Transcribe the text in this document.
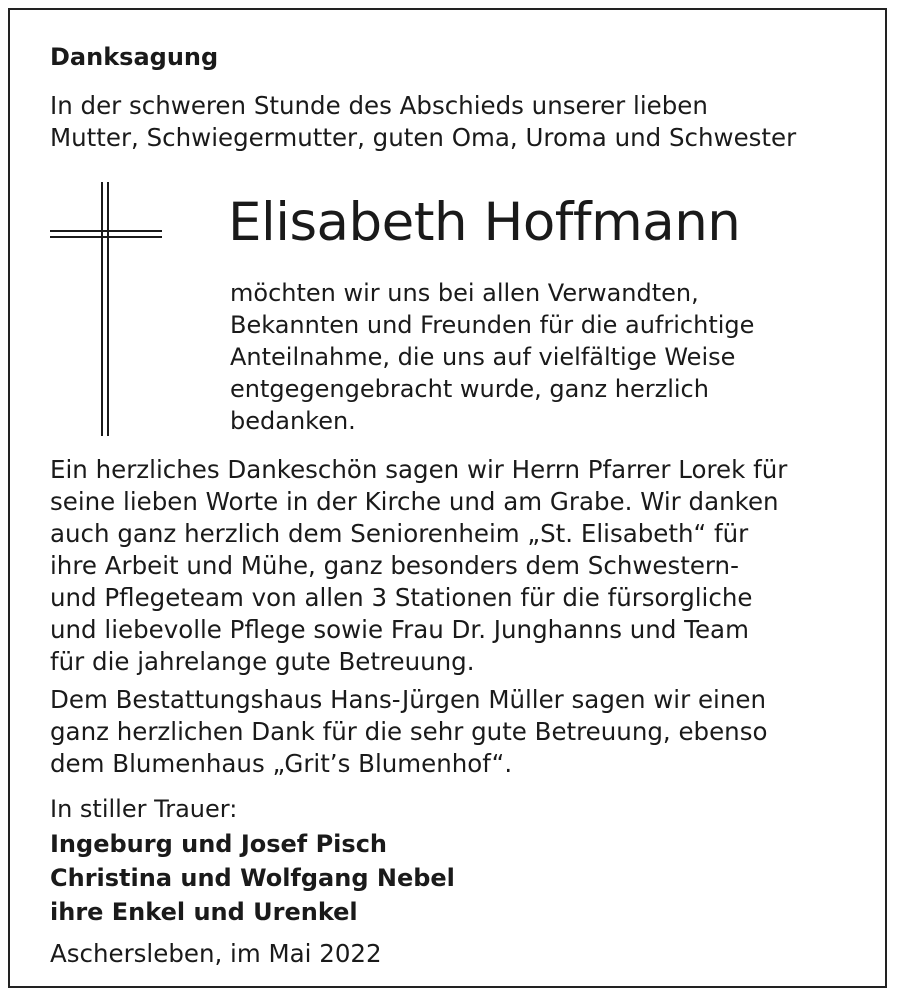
Danksagung
In der schweren Stunde des Abschieds unserer lieben
Mutter, Schwiegermutter, guten Oma, Uroma und Schwester
Elisabeth Hoffmann
möchten wir uns bei allen Verwandten,
Bekannten und Freunden für die aufrichtige
Anteilnahme, die uns auf vielfältige Weise
entgegengebracht wurde, ganz herzlich
bedanken.
Ein herzliches Dankeschön sagen wir Herrn Pfarrer Lorek für
seine lieben Worte in der Kirche und am Grabe. Wir danken
auch ganz herzlich dem Seniorenheim „St. Elisabeth“ für
ihre Arbeit und Mühe, ganz besonders dem Schwestern-
und Pflegeteam von allen 3 Stationen für die fürsorgliche
und liebevolle Pflege sowie Frau Dr. Junghanns und Team
für die jahrelange gute Betreuung.
Dem Bestattungshaus Hans-Jürgen Müller sagen wir einen
ganz herzlichen Dank für die sehr gute Betreuung, ebenso
dem Blumenhaus „Grit’s Blumenhof“.
In stiller Trauer:
Ingeburg und Josef Pisch
Christina und Wolfgang Nebel
ihre Enkel und Urenkel
Aschersleben, im Mai 2022
